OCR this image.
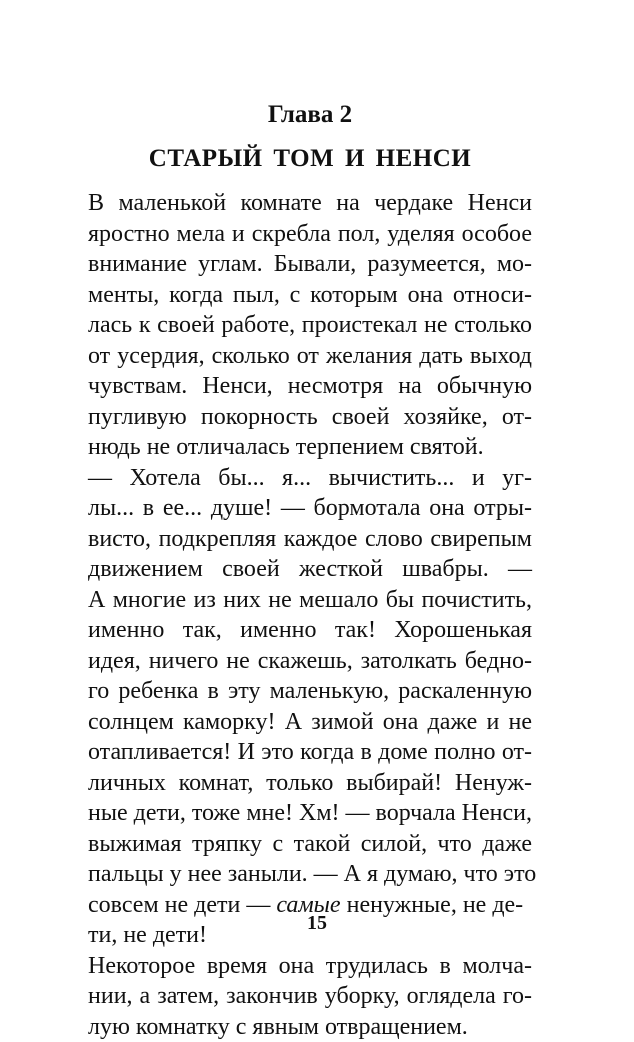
Глава 2
СТАРЫЙ ТОМ И НЕНСИ
В маленькой комнате на чердаке Ненси
яростно мела и скребла пол, уделяя особое
внимание углам. Бывали, разумеется, мо-
менты, когда пыл, с которым она относи-
лась к своей работе, проистекал не столько
от усердия, сколько от желания дать выход
чувствам. Ненси, несмотря на обычную
пугливую покорность своей хозяйке, от-
нюдь не отличалась терпением святой.
— Хотела бы... я... вычистить... и уг-
лы... в ее... душе! — бормотала она отры-
висто, подкрепляя каждое слово свирепым
движением своей жесткой швабры. —
А многие из них не мешало бы почистить,
именно так, именно так! Хорошенькая
идея, ничего не скажешь, затолкать бедно-
го ребенка в эту маленькую, раскаленную
солнцем каморку! А зимой она даже и не
отапливается! И это когда в доме полно от-
личных комнат, только выбирай! Ненуж-
ные дети, тоже мне! Хм! — ворчала Ненси,
выжимая тряпку с такой силой, что даже
пальцы у нее заныли. — А я думаю, что это
совсем не дети — самые ненужные, не де-
ти, не дети!
Некоторое время она трудилась в молча-
нии, а затем, закончив уборку, оглядела го-
лую комнатку с явным отвращением.
15
